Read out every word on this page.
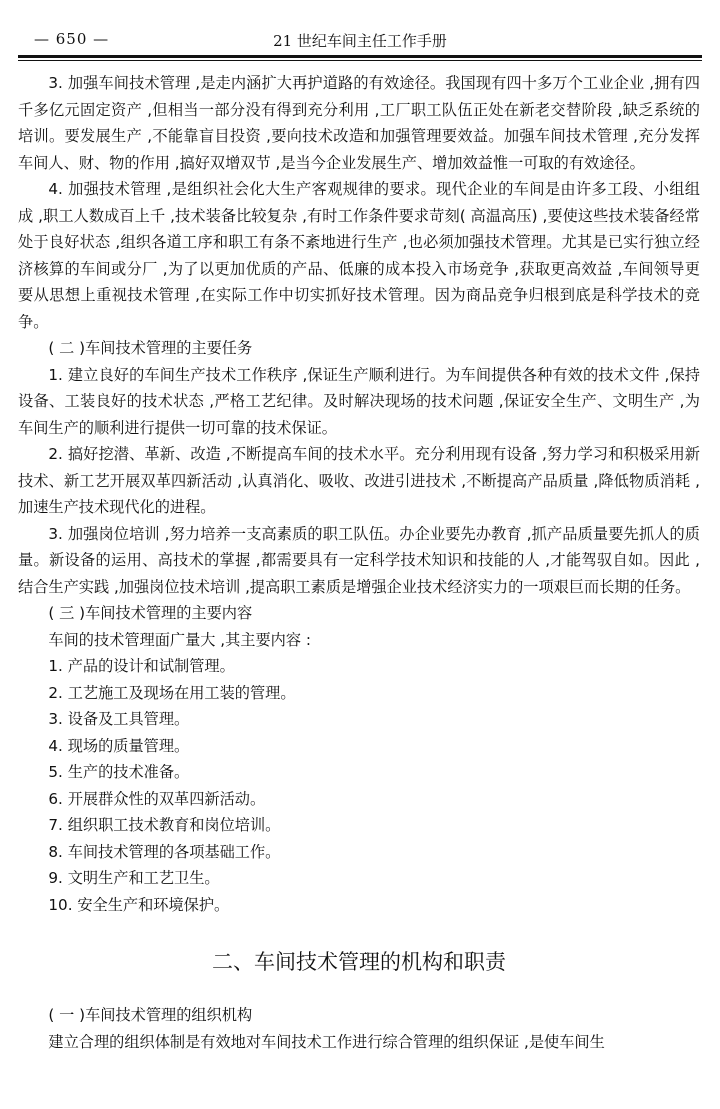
— 650 —	21 世纪车间主任工作手册

3. 加强车间技术管理 ,是走内涵扩大再护道路的有效途径。我国现有四十多万个工业企业 ,拥有四千多亿元固定资产 ,但相当一部分没有得到充分利用 ,工厂职工队伍正处在新老交替阶段 ,缺乏系统的培训。要发展生产 ,不能靠盲目投资 ,要向技术改造和加强管理要效益。加强车间技术管理 ,充分发挥车间人、财、物的作用 ,搞好双增双节 ,是当今企业发展生产、增加效益惟一可取的有效途径。

4. 加强技术管理 ,是组织社会化大生产客观规律的要求。现代企业的车间是由许多工段、小组组成 ,职工人数成百上千 ,技术装备比较复杂 ,有时工作条件要求苛刻( 高温高压) ,要使这些技术装备经常处于良好状态 ,组织各道工序和职工有条不紊地进行生产 ,也必须加强技术管理。尤其是已实行独立经济核算的车间或分厂 ,为了以更加优质的产品、低廉的成本投入市场竞争 ,获取更高效益 ,车间领导更要从思想上重视技术管理 ,在实际工作中切实抓好技术管理。因为商品竞争归根到底是科学技术的竞争。

( 二 )车间技术管理的主要任务

1. 建立良好的车间生产技术工作秩序 ,保证生产顺利进行。为车间提供各种有效的技术文件 ,保持设备、工装良好的技术状态 ,严格工艺纪律。及时解决现场的技术问题 ,保证安全生产、文明生产 ,为车间生产的顺利进行提供一切可靠的技术保证。

2. 搞好挖潜、革新、改造 ,不断提高车间的技术水平。充分利用现有设备 ,努力学习和积极采用新技术、新工艺开展双革四新活动 ,认真消化、吸收、改进引进技术 ,不断提高产品质量 ,降低物质消耗 ,加速生产技术现代化的进程。

3. 加强岗位培训 ,努力培养一支高素质的职工队伍。办企业要先办教育 ,抓产品质量要先抓人的质量。新设备的运用、高技术的掌握 ,都需要具有一定科学技术知识和技能的人 ,才能驾驭自如。因此 ,结合生产实践 ,加强岗位技术培训 ,提高职工素质是增强企业技术经济实力的一项艰巨而长期的任务。

( 三 )车间技术管理的主要内容

车间的技术管理面广量大 ,其主要内容 :

1. 产品的设计和试制管理。

2. 工艺施工及现场在用工装的管理。

3. 设备及工具管理。

4. 现场的质量管理。

5. 生产的技术准备。

6. 开展群众性的双革四新活动。

7. 组织职工技术教育和岗位培训。

8. 车间技术管理的各项基础工作。

9. 文明生产和工艺卫生。

10. 安全生产和环境保护。

二、车间技术管理的机构和职责

( 一 )车间技术管理的组织机构

建立合理的组织体制是有效地对车间技术工作进行综合管理的组织保证 ,是使车间生
